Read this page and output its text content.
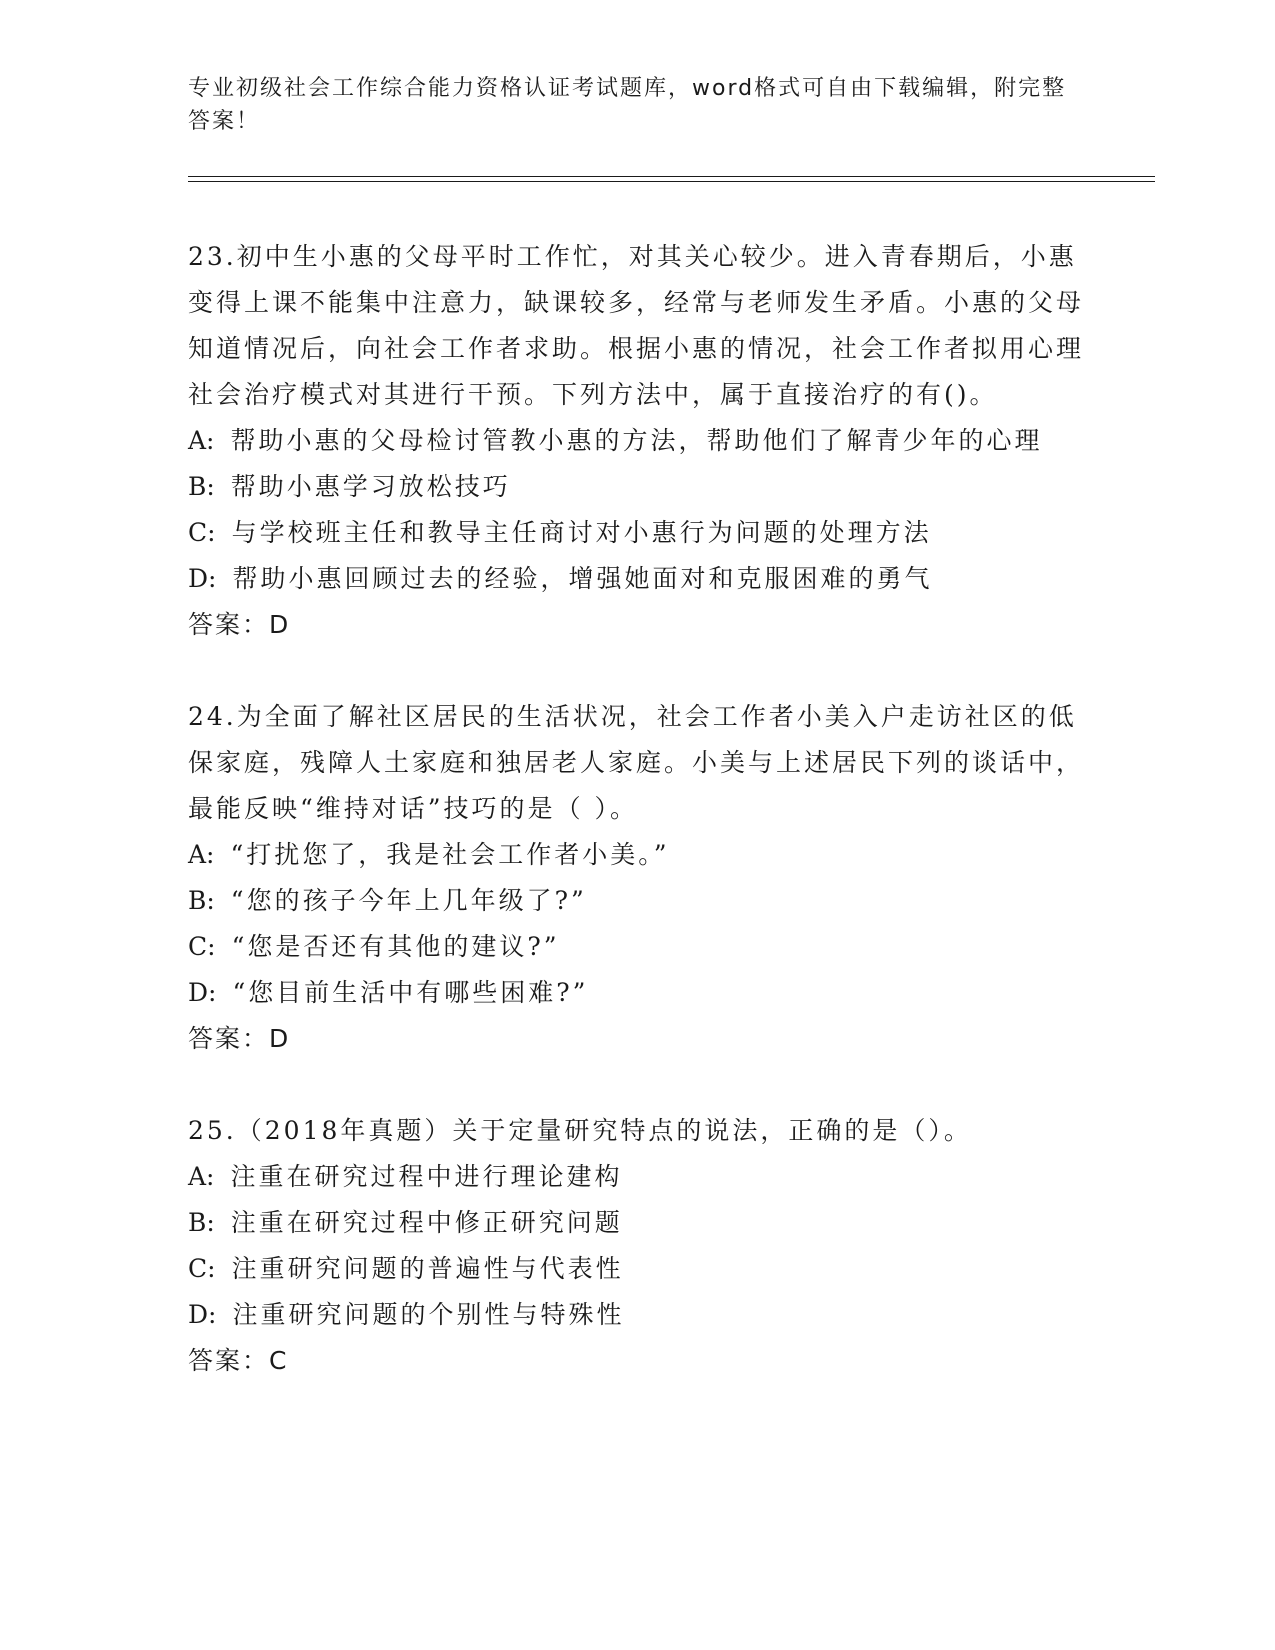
专业初级社会工作综合能力资格认证考试题库，word格式可自由下载编辑，附完整答案！

23.初中生小惠的父母平时工作忙，对其关心较少。进入青春期后，小惠变得上课不能集中注意力，缺课较多，经常与老师发生矛盾。小惠的父母知道情况后，向社会工作者求助。根据小惠的情况，社会工作者拟用心理社会治疗模式对其进行干预。下列方法中，属于直接治疗的有()。

A: 帮助小惠的父母检讨管教小惠的方法，帮助他们了解青少年的心理

B: 帮助小惠学习放松技巧

C: 与学校班主任和教导主任商讨对小惠行为问题的处理方法

D: 帮助小惠回顾过去的经验，增强她面对和克服困难的勇气

答案：D

24.为全面了解社区居民的生活状况，社会工作者小美入户走访社区的低保家庭，残障人土家庭和独居老人家庭。小美与上述居民下列的谈话中，最能反映“维持对话”技巧的是（ ）。

A: “打扰您了，我是社会工作者小美。”

B: “您的孩子今年上几年级了?”

C: “您是否还有其他的建议?”

D: “您目前生活中有哪些困难?”

答案：D

25.（2018年真题）关于定量研究特点的说法，正确的是（）。

A: 注重在研究过程中进行理论建构

B: 注重在研究过程中修正研究问题

C: 注重研究问题的普遍性与代表性

D: 注重研究问题的个别性与特殊性

答案：C
